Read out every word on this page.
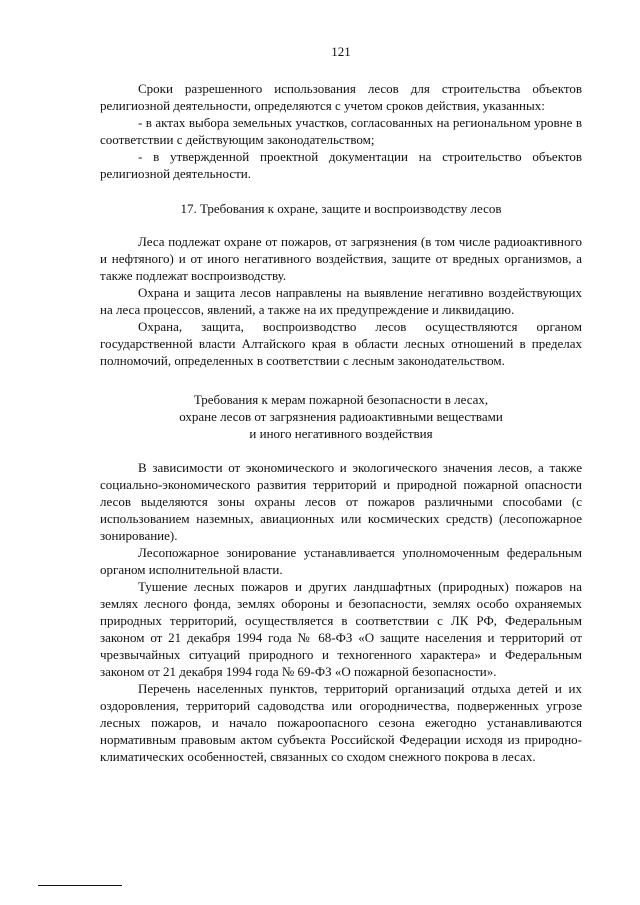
121

Сроки разрешенного использования лесов для строительства объектов религиозной деятельности, определяются с учетом сроков действия, указанных:

- в актах выбора земельных участков, согласованных на региональном уровне в соответствии с действующим законодательством;

- в утвержденной проектной документации на строительство объектов религиозной деятельности.

17. Требования к охране, защите и воспроизводству лесов

Леса подлежат охране от пожаров, от загрязнения (в том числе радиоактивного и нефтяного) и от иного негативного воздействия, защите от вредных организмов, а также подлежат воспроизводству.

Охрана и защита лесов направлены на выявление негативно воздействующих на леса процессов, явлений, а также на их предупреждение и ликвидацию.

Охрана, защита, воспроизводство лесов осуществляются органом государственной власти Алтайского края в области лесных отношений в пределах полномочий, определенных в соответствии с лесным законодательством.

Требования к мерам пожарной безопасности в лесах,
охране лесов от загрязнения радиоактивными веществами
и иного негативного воздействия

В зависимости от экономического и экологического значения лесов, а также социально-экономического развития территорий и природной пожарной опасности лесов выделяются зоны охраны лесов от пожаров различными способами (с использованием наземных, авиационных или космических средств) (лесопожарное зонирование).

Лесопожарное зонирование устанавливается уполномоченным федеральным органом исполнительной власти.

Тушение лесных пожаров и других ландшафтных (природных) пожаров на землях лесного фонда, землях обороны и безопасности, землях особо охраняемых природных территорий, осуществляется в соответствии с ЛК РФ, Федеральным законом от 21 декабря 1994 года № 68-ФЗ «О защите населения и территорий от чрезвычайных ситуаций природного и техногенного характера» и Федеральным законом от 21 декабря 1994 года № 69-ФЗ «О пожарной безопасности».

Перечень населенных пунктов, территорий организаций отдыха детей и их оздоровления, территорий садоводства или огородничества, подверженных угрозе лесных пожаров, и начало пожароопасного сезона ежегодно устанавливаются нормативным правовым актом субъекта Российской Федерации исходя из природно-климатических особенностей, связанных со сходом снежного покрова в лесах.
